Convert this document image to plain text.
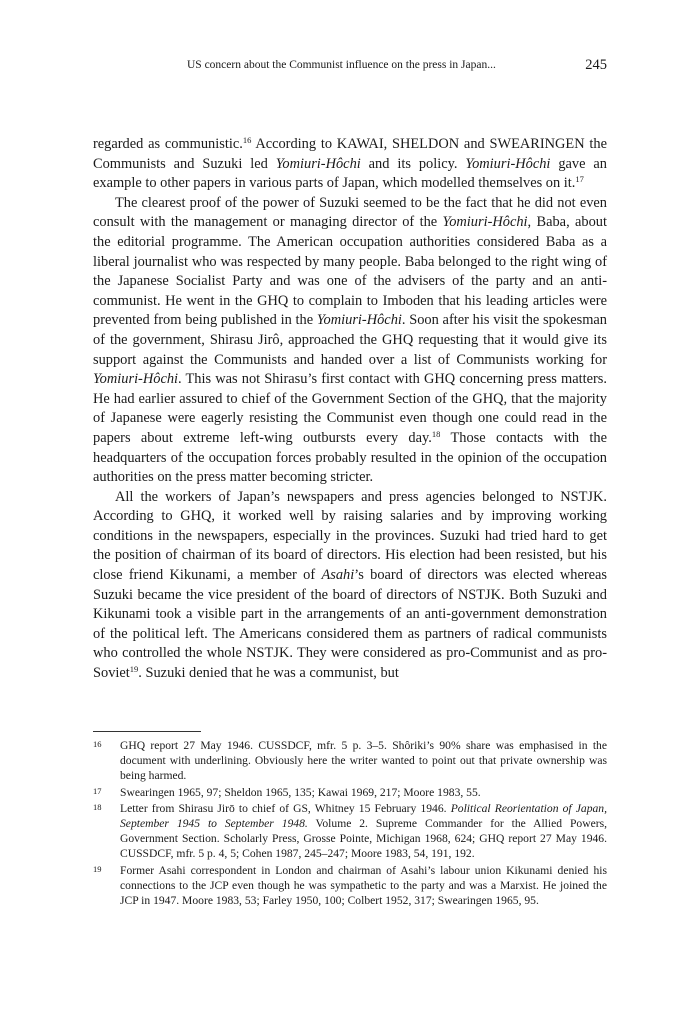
US concern about the Communist influence on the press in Japan...	245

regarded as communistic.$^{16}$ According to KAWAI, SHELDON and SWEARINGEN the Communists and Suzuki led Yomiuri-Hôchi and its policy. Yomiuri-Hôchi gave an example to other papers in various parts of Japan, which modelled themselves on it.$^{17}$

The clearest proof of the power of Suzuki seemed to be the fact that he did not even consult with the management or managing director of the Yomiuri-Hôchi, Baba, about the editorial programme. The American occupation authorities considered Baba as a liberal journalist who was respected by many people. Baba belonged to the right wing of the Japanese Socialist Party and was one of the advisers of the party and an anti-communist. He went in the GHQ to complain to Imboden that his leading articles were prevented from being published in the Yomiuri-Hôchi. Soon after his visit the spokesman of the government, Shirasu Jirô, approached the GHQ requesting that it would give its support against the Communists and handed over a list of Communists working for Yomiuri-Hôchi. This was not Shirasu’s first contact with GHQ concerning press matters. He had earlier assured to chief of the Government Section of the GHQ, that the majority of Japanese were eagerly resisting the Communist even though one could read in the papers about extreme left-wing outbursts every day.$^{18}$ Those contacts with the headquarters of the occupation forces probably resulted in the opinion of the occupation authorities on the press matter becoming stricter.

All the workers of Japan’s newspapers and press agencies belonged to NSTJK. According to GHQ, it worked well by raising salaries and by improving working conditions in the newspapers, especially in the provinces. Suzuki had tried hard to get the position of chairman of its board of directors. His election had been resisted, but his close friend Kikunami, a member of Asahi’s board of directors was elected whereas Suzuki became the vice president of the board of directors of NSTJK. Both Suzuki and Kikunami took a visible part in the arrangements of an anti-government demonstration of the political left. The Americans considered them as partners of radical communists who controlled the whole NSTJK. They were considered as pro-Communist and as pro-Soviet$^{19}$. Suzuki denied that he was a communist, but

16 GHQ report 27 May 1946. CUSSDCF, mfr. 5 p. 3–5. Shôriki’s 90% share was emphasised in the document with underlining. Obviously here the writer wanted to point out that private ownership was being harmed.
17 Swearingen 1965, 97; Sheldon 1965, 135; Kawai 1969, 217; Moore 1983, 55.
18 Letter from Shirasu Jirō to chief of GS, Whitney 15 February 1946. Political Reorientation of Japan, September 1945 to September 1948. Volume 2. Supreme Commander for the Allied Powers, Government Section. Scholarly Press, Grosse Pointe, Michigan 1968, 624; GHQ report 27 May 1946. CUSSDCF, mfr. 5 p. 4, 5; Cohen 1987, 245–247; Moore 1983, 54, 191, 192.
19 Former Asahi correspondent in London and chairman of Asahi’s labour union Kikunami denied his connections to the JCP even though he was sympathetic to the party and was a Marxist. He joined the JCP in 1947. Moore 1983, 53; Farley 1950, 100; Colbert 1952, 317; Swearingen 1965, 95.
